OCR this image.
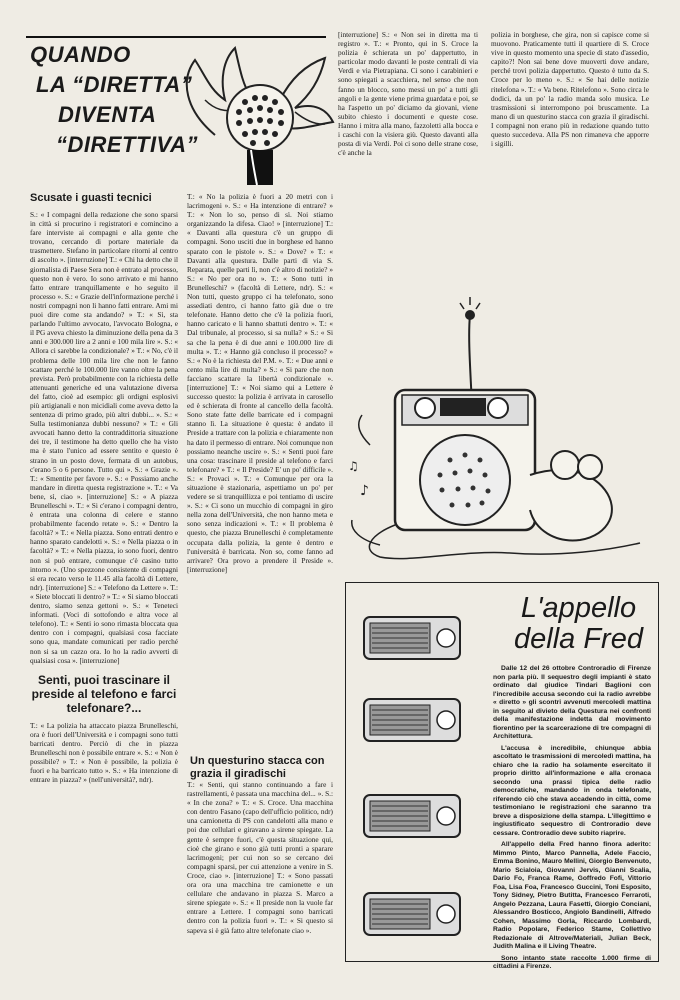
QUANDO
LA “DIRETTA”
DIVENTA
“DIRETTIVA”
Scusate i guasti tecnici

S.: « I compagni della redazione che sono sparsi in città si procurino i registratori e comincino a fare interviste ai compagni e alla gente che trovano, cercando di portare materiale da trasmettere. Stefano in particolare ritorni al centro di ascolto ». [interruzione] T.: « Chi ha detto che il giornalista di Paese Sera non è entrato al processo, questo non è vero. Io sono arrivato e mi hanno fatto entrare tranquillamente e ho seguito il processo ». S.: « Grazie dell'informazione perché i nostri compagni non li hanno fatti entrare. Ami mi puoi dire come sta andando? » T.: « Sì, sta parlando l'ultimo avvocato, l'avvocato Bologna, e il PG aveva chiesto la diminuzione della pena da 3 anni e 300.000 lire a 2 anni e 100 mila lire ». S.: « Allora ci sarebbe la condizionale? » T.: « No, c'è il problema delle 100 mila lire che non le fanno scattare perché le 100.000 lire vanno oltre la pena prevista. Però probabilmente con la richiesta delle attenuanti generiche ed una valutazione diversa del fatto, cioè ad esempio: gli ordigni esplosivi più artigianali e non micidiali come aveva detto la sentenza di primo grado, più altri dubbi... ». S.: « Sulla testimonianza dubbi nessuno? » T.: « Gli avvocati hanno detto la contraddittoria situazione dei tre, il testimone ha detto quello che ha visto ma è stato l'unico ad essere sentito e questo è strano in un posto dove, fermata di un autobus, c'erano 5 o 6 persone. Tutto qui ». S.: « Grazie ». T.: « Smentite per favore ». S.: « Possiamo anche mandare in diretta questa registrazione ». T.: « Va bene, sì, ciao ». [interruzione] S.: « A piazza Brunelleschi ». T.: « Si c'erano i compagni dentro, è entrata una colonna di celere e stanno probabilmente facendo retate ». S.: « Dentro la facoltà? » T.: « Nella piazza. Sono entrati dentro e hanno sparato candelotti ». S.: « Nella piazza o in facoltà? » T.: « Nella piazza, io sono fuori, dentro non si può entrare, comunque c'è casino tutto intorno ». (Uno spezzone consistente di compagni si era recato verso le 11.45 alla facoltà di Lettere, ndr). [interruzione] S.: « Telefono da Lettere ». T.: « Siete bloccati li dentro? » T.: « Si siamo bloccati dentro, siamo senza gettoni ». S.: « Teneteci informati. (Voci di sottofondo e altra voce al telefono). T.: « Senti io sono rimasta bloccata qua dentro con i compagni, qualsiasi cosa facciate sono qua, mandate comunicati per radio perché non si sa un cazzo ora. Io ho la radio avverti di qualsiasi cosa ». [interruzione]

Senti, puoi trascinare il preside al telefono e farci telefonare?...

T.: « La polizia ha attaccato piazza Brunelleschi, ora è fuori dell'Università e i compagni sono tutti barricati dentro. Perciò di che in piazza Brunelleschi non è possibile entrare ». S.: « Non è possibile? » T.: « Non è possibile, la polizia è fuori e ha barricato tutto ». S.: « Ha intenzione di entrare in piazza? » (nell'università?, ndr).

T.: « No la polizia è fuori a 20 metri con i lacrimogeni ». S.: « Ha intenzione di entrare? » T.: « Non lo so, penso di sì. Noi stiamo organizzando la difesa. Ciao! » [interruzione] T.: « Davanti alla questura c'è un gruppo di compagni. Sono usciti due in borghese ed hanno sparato con le pistole ». S.: « Dove? » T.: « Davanti alla questura. Dalle parti di via S. Reparata, quelle parti lì, non c'è altro di notizie? » S.: « No per ora no ». T.: « Sono tutti in Brunelleschi? » (facoltà di Lettere, ndr). S.: « Non tutti, questo gruppo ci ha telefonato, sono assediati dentro, ci hanno fatto già due o tre telefonate. Hanno detto che c'è la polizia fuori, hanno caricato e li hanno sbattuti dentro ». T.: « Dal tribunale, al processo, si sa nulla? » S.: « Si sa che la pena è di due anni e 100.000 lire di multa ». T.: « Hanno già concluso il processo? » S.: « No è la richiesta del P.M. ». T.: « Due anni e cento mila lire di multa? » S.: « Si pare che non facciano scattare la libertà condizionale ». [interruzione] T.: « Noi siamo qui a Lettere è successo questo: la polizia è arrivata in carosello ed è schierata di fronte al cancello della facoltà. Sono state fatte delle barricate ed i compagni stanno lì. La situazione è questa: è andato il Preside a trattare con la polizia e chiaramente non ha dato il permesso di entrare. Noi comunque non possiamo neanche uscire ». S.: « Senti puoi fare una cosa: trascinare il preside al telefono e farci telefonare? » T.: « Il Preside? E' un po' difficile ». S.: « Provaci ». T.: « Comunque per ora la situazione è stazionaria, aspettiamo un po' per vedere se si tranquillizza e poi tentiamo di uscire ». S.: « Ci sono un mucchio di compagni in giro nella zona dell'Università, che non hanno meta e sono senza indicazioni ». T.: « Il problema è questo, che piazza Brunelleschi è completamente occupata dalla polizia, la gente è dentro e l'università è barricata. Non so, come fanno ad arrivare? Ora provo a prendere il Preside ». [interruzione]

Un questurino stacca con grazia il giradischi

T.: « Senti, qui stanno continuando a fare i rastrellamenti, è passata una macchina del... ». S.: « In che zona? » T.: « S. Croce. Una macchina con dentro Fasano (capo dell'ufficio politico, ndr) una camionetta di PS con candelotti alla mano e poi due cellulari e giravano a sirene spiegate. La gente è sempre fuori, c'è questa situazione qui, cioè che girano e sono già tutti pronti a sparare lacrimogeni; per cui non so se cercano dei compagni sparsi, per cui attenzione a venire in S. Croce, ciao ». [interruzione] T.: « Sono passati ora ora una macchina tre camionette e un cellulare che andavano in piazza S. Marco a sirene spiegate ». S.: « Il preside non la vuole far entrare a Lettere. I compagni sono barricati dentro con la polizia fuori ». T.: « Si questo si sapeva si è già fatto altre telefonate ciao ».

[interruzione] S.: « Non sei in diretta ma ti registro ». T.: « Pronto, qui in S. Croce la polizia è schierata un po' dappertutto, in particolar modo davanti le poste centrali di via Verdi e via Pietrapiana. Ci sono i carabinieri e sono spiegati a scacchiera, nel senso che non fanno un blocco, sono messi un po' a tutti gli angoli e la gente viene prima guardata e poi, se ha l'aspetto un po' diciamo da giovani, viene subito chiesto i documenti e queste cose. Hanno i mitra alla mano, fazzoletti alla bocca e i caschi con la visiera giù. Questo davanti alla posta di via Verdi. Poi ci sono delle strane cose, c'è anche la

polizia in borghese, che gira, non si capisce come si muovono. Praticamente tutti il quartiere di S. Croce vive in questo momento una specie di stato d'assedio, capito?! Non sai bene dove muoverti dove andare, perché trovi polizia dappertutto. Questo è tutto da S. Croce per lo meno ». S.: « Se hai delle notizie ritelefona ». T.: « Va bene. Ritelefono ». Sono circa le dodici, da un po' la radio manda solo musica. Le trasmissioni si interrompono poi bruscamente. La mano di un questurino stacca con grazia il giradischi. I compagni non erano più in redazione quando tutto questo succedeva. Alla PS non rimaneva che apporre i sigilli.

♪
♫
L'appello
della Fred

Dalle 12 del 26 ottobre Controradio di Firenze non parla più. Il sequestro degli impianti è stato ordinato dal giudice Tindari Baglioni con l'incredibile accusa secondo cui la radio avrebbe « diretto » gli scontri avvenuti mercoledì mattina in seguito al divieto della Questura nei confronti della manifestazione indetta dal movimento fiorentino per la scarcerazione di tre compagni di Architettura.

L'accusa è incredibile, chiunque abbia ascoltato le trasmissioni di mercoledì mattina, ha chiaro che la radio ha solamente esercitato il proprio diritto all'informazione e alla cronaca secondo una prassi tipica delle radio democratiche, mandando in onda telefonate, riferendo ciò che stava accadendo in città, come testimoniano le registrazioni che saranno tra breve a disposizione della stampa. L'illegittimo e ingiustificato sequestro di Controradio deve cessare. Controradio deve subito riaprire.

All'appello della Fred hanno finora aderito: Mimmo Pinto, Marco Pannella, Adele Faccio, Emma Bonino, Mauro Mellini, Giorgio Benvenuto, Mario Scialoia, Giovanni Jervis, Gianni Scalia, Dario Fo, Franca Rame, Goffredo Fofi, Vittorio Foa, Lisa Foa, Francesco Guccini, Toni Esposito, Tony Sidney, Pietro Butitta, Francesco Ferraroti, Angelo Pezzana, Laura Fasetti, Giorgio Conciani, Alessandro Bosticco, Angiolo Bandinelli, Alfredo Cohen, Massimo Gorla, Riccardo Lombardi, Radio Popolare, Federico Stame, Collettivo Redazionale di Altrove/Materiali, Julian Beck, Judith Malina e il Living Theatre.

Sono intanto state raccolte 1.000 firme di cittadini a Firenze.
